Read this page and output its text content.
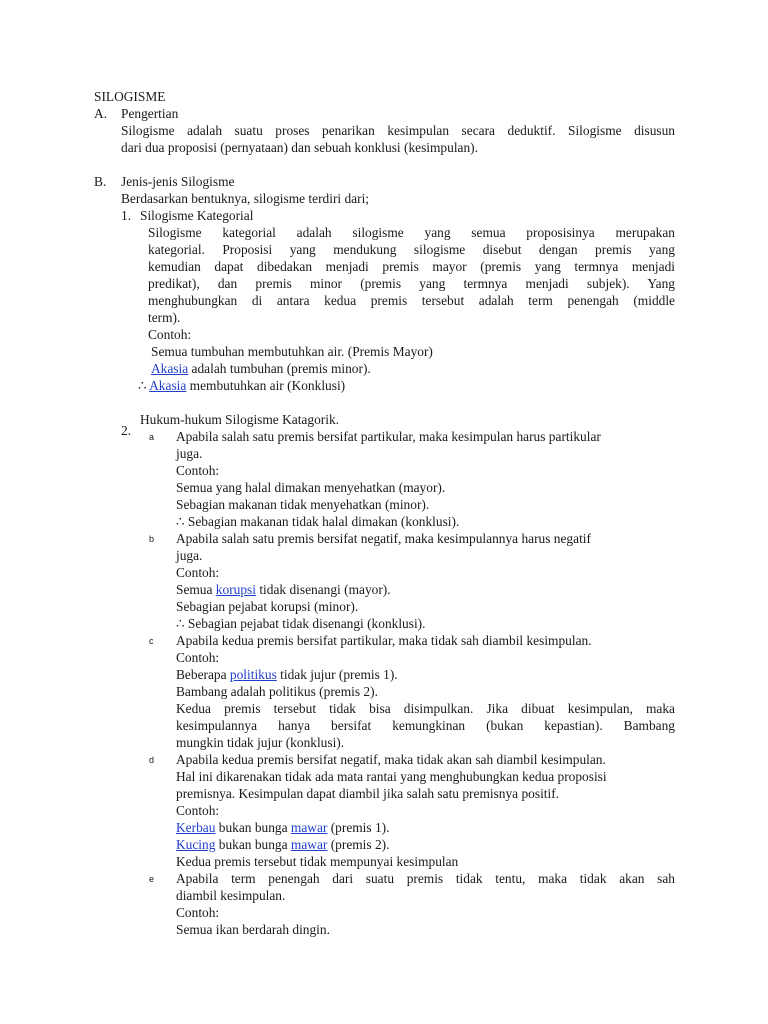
SILOGISME
A. Pengertian
Silogisme adalah suatu proses penarikan kesimpulan secara deduktif. Silogisme disusun
dari dua proposisi (pernyataan) dan sebuah konklusi (kesimpulan).
B. Jenis-jenis Silogisme
Berdasarkan bentuknya, silogisme terdiri dari;
1. Silogisme Kategorial
Silogisme kategorial adalah silogisme yang semua proposisinya merupakan
kategorial. Proposisi yang mendukung silogisme disebut dengan premis yang
kemudian dapat dibedakan menjadi premis mayor (premis yang termnya menjadi
predikat), dan premis minor (premis yang termnya menjadi subjek). Yang
menghubungkan di antara kedua premis tersebut adalah term penengah (middle
term).
Contoh:
Semua tumbuhan membutuhkan air. (Premis Mayor)
Akasia adalah tumbuhan (premis minor).
∴ Akasia membutuhkan air (Konklusi)
Hukum-hukum Silogisme Katagorik.
2. a Apabila salah satu premis bersifat partikular, maka kesimpulan harus partikular
juga.
Contoh:
Semua yang halal dimakan menyehatkan (mayor).
Sebagian makanan tidak menyehatkan (minor).
∴ Sebagian makanan tidak halal dimakan (konklusi).
b Apabila salah satu premis bersifat negatif, maka kesimpulannya harus negatif
juga.
Contoh:
Semua korupsi tidak disenangi (mayor).
Sebagian pejabat korupsi (minor).
∴ Sebagian pejabat tidak disenangi (konklusi).
c Apabila kedua premis bersifat partikular, maka tidak sah diambil kesimpulan.
Contoh:
Beberapa politikus tidak jujur (premis 1).
Bambang adalah politikus (premis 2).
Kedua premis tersebut tidak bisa disimpulkan. Jika dibuat kesimpulan, maka
kesimpulannya hanya bersifat kemungkinan (bukan kepastian). Bambang
mungkin tidak jujur (konklusi).
d Apabila kedua premis bersifat negatif, maka tidak akan sah diambil kesimpulan.
Hal ini dikarenakan tidak ada mata rantai yang menghubungkan kedua proposisi
premisnya. Kesimpulan dapat diambil jika salah satu premisnya positif.
Contoh:
Kerbau bukan bunga mawar (premis 1).
Kucing bukan bunga mawar (premis 2).
Kedua premis tersebut tidak mempunyai kesimpulan
e Apabila term penengah dari suatu premis tidak tentu, maka tidak akan sah
diambil kesimpulan.
Contoh:
Semua ikan berdarah dingin.
